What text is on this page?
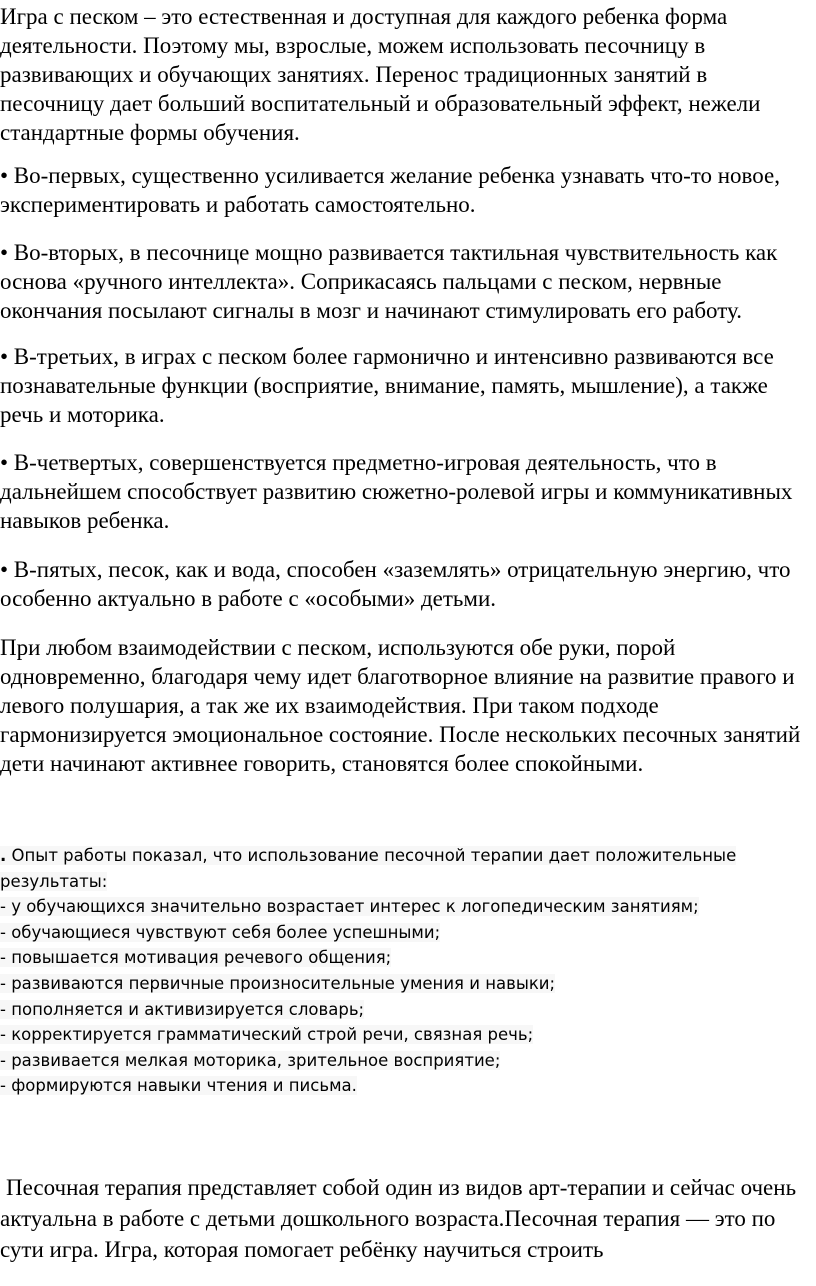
Игра с песком – это естественная и доступная для каждого ребенка форма деятельности. Поэтому мы, взрослые, можем использовать песочницу в развивающих и обучающих занятиях. Перенос традиционных занятий в песочницу дает больший воспитательный и образовательный эффект, нежели стандартные формы обучения.

• Во-первых, существенно усиливается желание ребенка узнавать что-то новое, экспериментировать и работать самостоятельно.

• Во-вторых, в песочнице мощно развивается тактильная чувствительность как основа «ручного интеллекта». Соприкасаясь пальцами с песком, нервные окончания посылают сигналы в мозг и начинают стимулировать его работу.

• В-третьих, в играх с песком более гармонично и интенсивно развиваются все познавательные функции (восприятие, внимание, память, мышление), а также речь и моторика.

• В-четвертых, совершенствуется предметно-игровая деятельность, что в дальнейшем способствует развитию сюжетно-ролевой игры и коммуникативных навыков ребенка.

• В-пятых, песок, как и вода, способен «заземлять» отрицательную энергию, что особенно актуально в работе с «особыми» детьми.

При любом взаимодействии с песком, используются обе руки, порой одновременно, благодаря чему идет благотворное влияние на развитие правого и левого полушария, а так же их взаимодействия. При таком подходе гармонизируется эмоциональное состояние. После нескольких песочных занятий дети начинают активнее говорить, становятся более спокойными.

. Опыт работы показал, что использование песочной терапии дает положительные
результаты:
- у обучающихся значительно возрастает интерес к логопедическим занятиям;
- обучающиеся чувствуют себя более успешными;
- повышается мотивация речевого общения;
- развиваются первичные произносительные умения и навыки;
- пополняется и активизируется словарь;
- корректируется грамматический строй речи, связная речь;
- развивается мелкая моторика, зрительное восприятие;
- формируются навыки чтения и письма.

Песочная терапия представляет собой один из видов арт-терапии и сейчас очень актуальна в работе с детьми дошкольного возраста.Песочная терапия — это по сути игра. Игра, которая помогает ребёнку научиться строить
